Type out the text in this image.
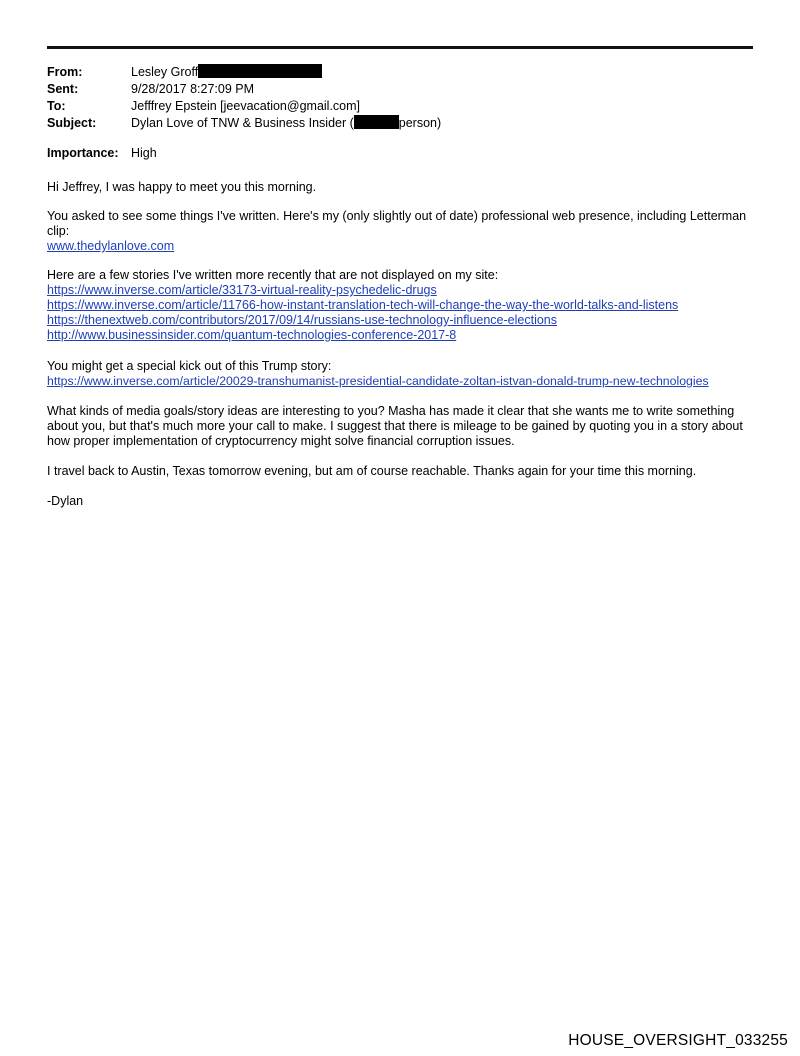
From:	Lesley Groff
Sent:	9/28/2017 8:27:09 PM
To:	Jefffrey Epstein [jeevacation@gmail.com]
Subject:	Dylan Love of TNW & Business Insider (	person)
Importance: High

Hi Jeffrey, I was happy to meet you this morning.

You asked to see some things I've written. Here's my (only slightly out of date) professional web presence, including Letterman clip:

www.thedylanlove.com

Here are a few stories I've written more recently that are not displayed on my site:

https://www.inverse.com/article/33173-virtual-reality-psychedelic-drugs
https://www.inverse.com/article/11766-how-instant-translation-tech-will-change-the-way-the-world-talks-and-listens
https://thenextweb.com/contributors/2017/09/14/russians-use-technology-influence-elections
http://www.businessinsider.com/quantum-technologies-conference-2017-8

You might get a special kick out of this Trump story:

https://www.inverse.com/article/20029-transhumanist-presidential-candidate-zoltan-istvan-donald-trump-new-technologies

What kinds of media goals/story ideas are interesting to you? Masha has made it clear that she wants me to write something about you, but that's much more your call to make. I suggest that there is mileage to be gained by quoting you in a story about how proper implementation of cryptocurrency might solve financial corruption issues.

I travel back to Austin, Texas tomorrow evening, but am of course reachable. Thanks again for your time this morning.

-Dylan

HOUSE_OVERSIGHT_033255
